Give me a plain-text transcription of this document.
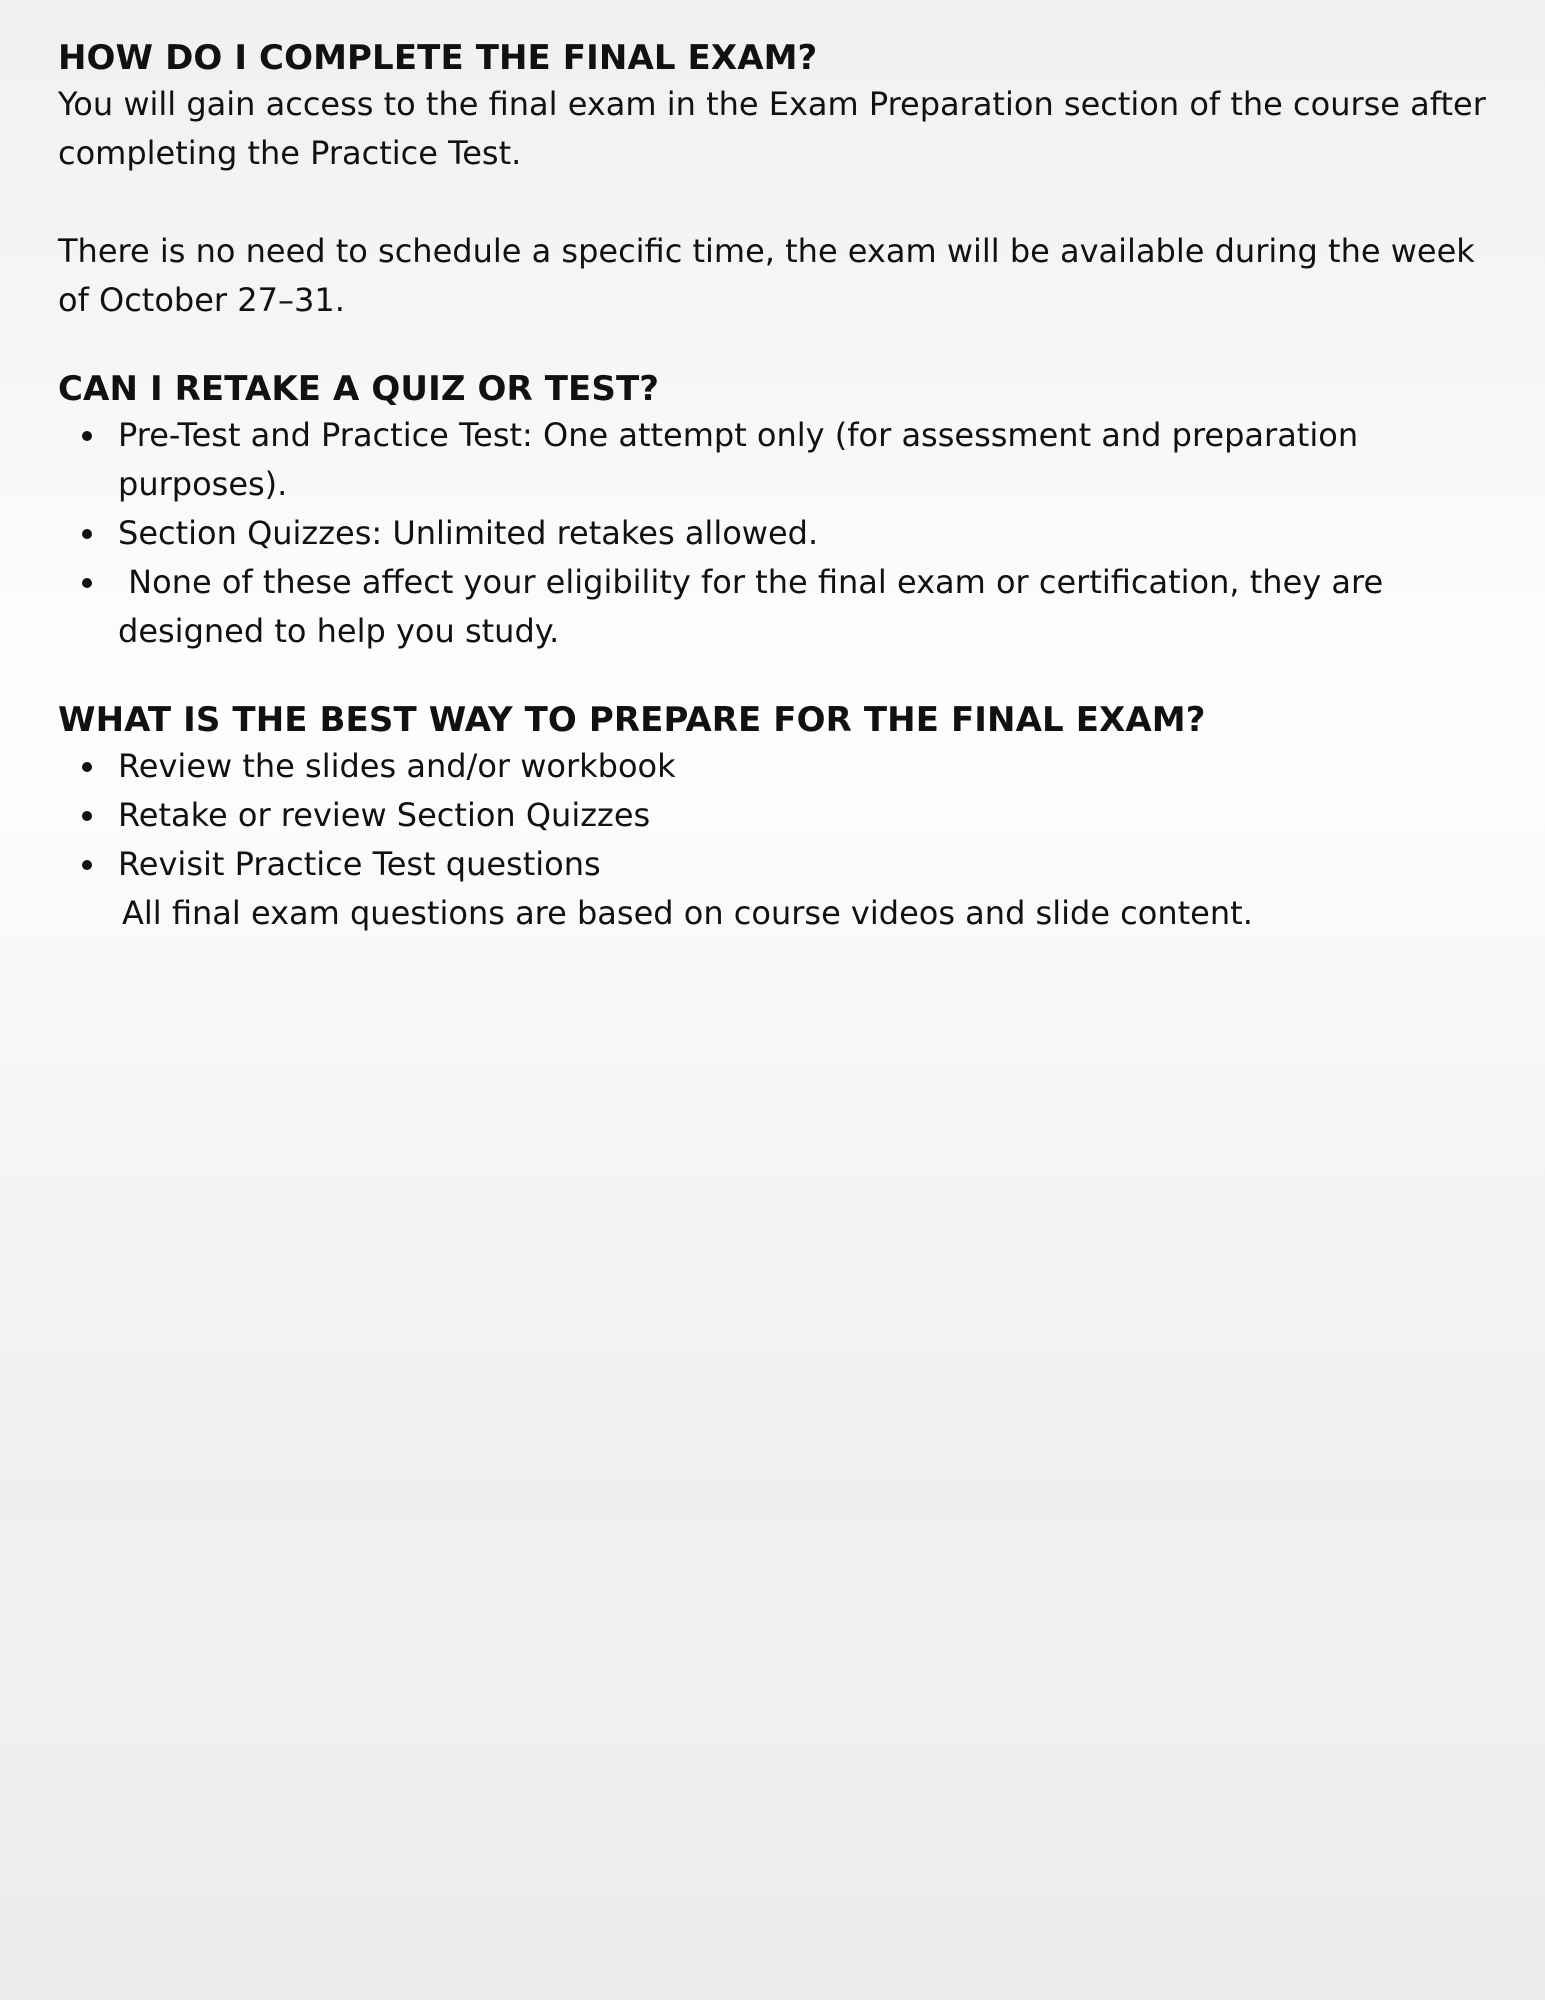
HOW DO I COMPLETE THE FINAL EXAM?

You will gain access to the final exam in the Exam Preparation section of the course after completing the Practice Test.

There is no need to schedule a specific time, the exam will be available during the week of October 27–31.

CAN I RETAKE A QUIZ OR TEST?
Pre-Test and Practice Test: One attempt only (for assessment and preparation purposes).
Section Quizzes: Unlimited retakes allowed.
None of these affect your eligibility for the final exam or certification, they are designed to help you study.
WHAT IS THE BEST WAY TO PREPARE FOR THE FINAL EXAM?
Review the slides and/or workbook
Retake or review Section Quizzes
Revisit Practice Test questions

All final exam questions are based on course videos and slide content.
